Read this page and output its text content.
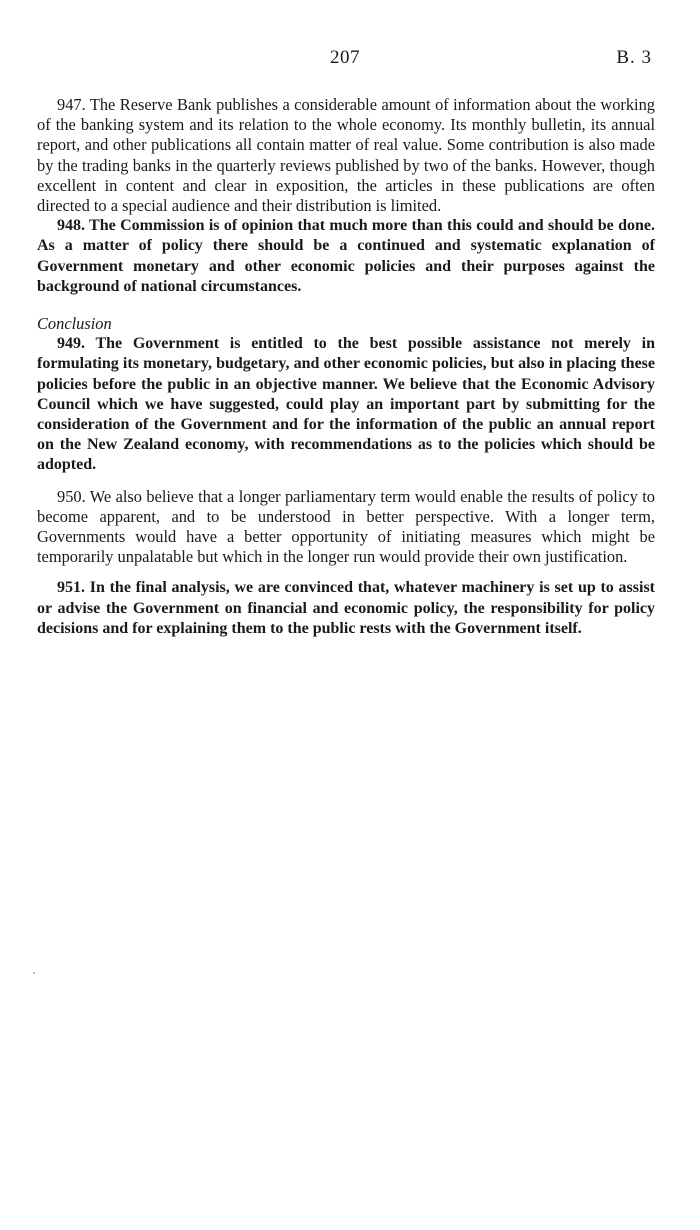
207	B. 3

947. The Reserve Bank publishes a considerable amount of information about the working of the banking system and its relation to the whole economy. Its monthly bulletin, its annual report, and other publications all contain matter of real value. Some contribution is also made by the trading banks in the quarterly reviews published by two of the banks. However, though excellent in content and clear in exposition, the articles in these publications are often directed to a special audience and their distribution is limited.

948. The Commission is of opinion that much more than this could and should be done. As a matter of policy there should be a continued and systematic explanation of Government monetary and other economic policies and their purposes against the background of national circumstances.

Conclusion

949. The Government is entitled to the best possible assistance not merely in formulating its monetary, budgetary, and other economic policies, but also in placing these policies before the public in an objective manner. We believe that the Economic Advisory Council which we have suggested, could play an important part by submitting for the consideration of the Government and for the information of the public an annual report on the New Zealand economy, with recommendations as to the policies which should be adopted.

950. We also believe that a longer parliamentary term would enable the results of policy to become apparent, and to be understood in better perspective. With a longer term, Governments would have a better opportunity of initiating measures which might be temporarily unpalatable but which in the longer run would provide their own justification.

951. In the final analysis, we are convinced that, whatever machinery is set up to assist or advise the Government on financial and economic policy, the responsibility for policy decisions and for explaining them to the public rests with the Government itself.
